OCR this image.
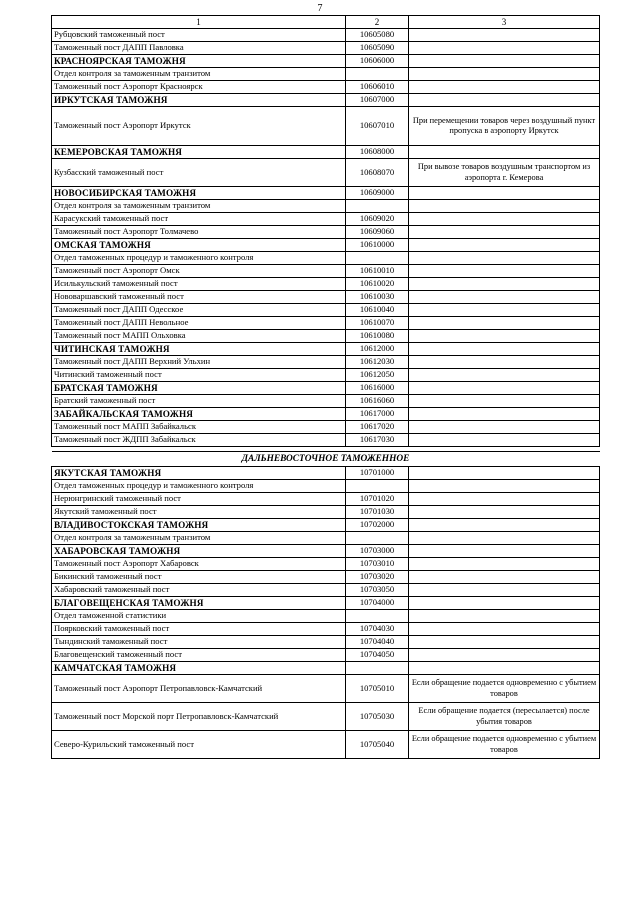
7
1	2	3
Рубцовский таможенный пост	10605080	
Таможенный пост ДАПП Павловка	10605090	
КРАСНОЯРСКАЯ ТАМОЖНЯ	10606000	
Отдел контроля за таможенным транзитом		
Таможенный пост Аэропорт Красноярск	10606010	
ИРКУТСКАЯ ТАМОЖНЯ	10607000	
Таможенный пост Аэропорт Иркутск	10607010	При перемещении товаров через воздушный пункт пропуска в аэропорту Иркутск
КЕМЕРОВСКАЯ ТАМОЖНЯ	10608000	
Кузбасский таможенный пост	10608070	При вывозе товаров воздушным транспортом из аэропорта г. Кемерова
НОВОСИБИРСКАЯ ТАМОЖНЯ	10609000	
Отдел контроля за таможенным транзитом		
Карасукский таможенный пост	10609020	
Таможенный пост Аэропорт Толмачево	10609060	
ОМСКАЯ ТАМОЖНЯ	10610000	
Отдел таможенных процедур и таможенного контроля		
Таможенный пост Аэропорт Омск	10610010	
Исилькульский таможенный пост	10610020	
Нововаршавский таможенный пост	10610030	
Таможенный пост ДАПП Одесское	10610040	
Таможенный пост ДАПП Невольное	10610070	
Таможенный пост МАПП Ольховка	10610080	
ЧИТИНСКАЯ ТАМОЖНЯ	10612000	
Таможенный пост ДАПП Верхний Ульхин	10612030	
Читинский таможенный пост	10612050	
БРАТСКАЯ ТАМОЖНЯ	10616000	
Братский таможенный пост	10616060	
ЗАБАЙКАЛЬСКАЯ ТАМОЖНЯ	10617000	
Таможенный пост МАПП Забайкальск	10617020	
Таможенный пост ЖДПП Забайкальск	10617030	

ДАЛЬНЕВОСТОЧНОЕ ТАМОЖЕННОЕ		
ЯКУТСКАЯ ТАМОЖНЯ	10701000	
Отдел таможенных процедур и таможенного контроля		
Нерюнгринский таможенный пост	10701020	
Якутский таможенный пост	10701030	
ВЛАДИВОСТОКСКАЯ ТАМОЖНЯ	10702000	
Отдел контроля за таможенным транзитом		
ХАБАРОВСКАЯ ТАМОЖНЯ	10703000	
Таможенный пост Аэропорт Хабаровск	10703010	
Бикинский таможенный пост	10703020	
Хабаровский таможенный пост	10703050	
БЛАГОВЕЩЕНСКАЯ ТАМОЖНЯ	10704000	
Отдел таможенной статистики		
Поярковский таможенный пост	10704030	
Тындинский таможенный пост	10704040	
Благовещенский таможенный пост	10704050	
КАМЧАТСКАЯ ТАМОЖНЯ		
Таможенный пост Аэропорт Петропавловск-Камчатский	10705010	Если обращение подается одновременно с убытием товаров
Таможенный пост Морской порт Петропавловск-Камчатский	10705030	Если обращение подается (пересылается) после убытия товаров
Северо-Курильский таможенный пост	10705040	Если обращение подается одновременно с убытием товаров
